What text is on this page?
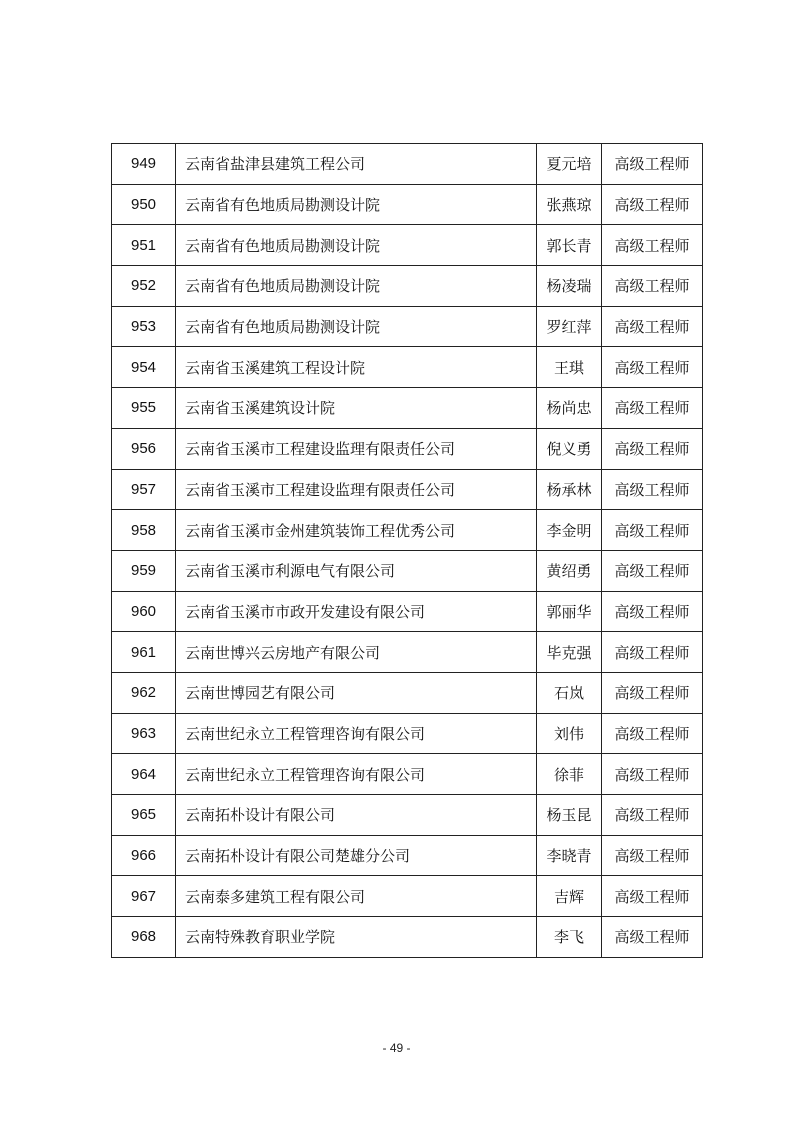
949	云南省盐津县建筑工程公司	夏元培	高级工程师
950	云南省有色地质局勘测设计院	张燕琼	高级工程师
951	云南省有色地质局勘测设计院	郭长青	高级工程师
952	云南省有色地质局勘测设计院	杨凌瑞	高级工程师
953	云南省有色地质局勘测设计院	罗红萍	高级工程师
954	云南省玉溪建筑工程设计院	王琪	高级工程师
955	云南省玉溪建筑设计院	杨尚忠	高级工程师
956	云南省玉溪市工程建设监理有限责任公司	倪义勇	高级工程师
957	云南省玉溪市工程建设监理有限责任公司	杨承林	高级工程师
958	云南省玉溪市金州建筑装饰工程优秀公司	李金明	高级工程师
959	云南省玉溪市利源电气有限公司	黄绍勇	高级工程师
960	云南省玉溪市市政开发建设有限公司	郭丽华	高级工程师
961	云南世博兴云房地产有限公司	毕克强	高级工程师
962	云南世博园艺有限公司	石岚	高级工程师
963	云南世纪永立工程管理咨询有限公司	刘伟	高级工程师
964	云南世纪永立工程管理咨询有限公司	徐菲	高级工程师
965	云南拓朴设计有限公司	杨玉昆	高级工程师
966	云南拓朴设计有限公司楚雄分公司	李晓青	高级工程师
967	云南泰多建筑工程有限公司	吉辉	高级工程师
968	云南特殊教育职业学院	李飞	高级工程师
- 49 -
